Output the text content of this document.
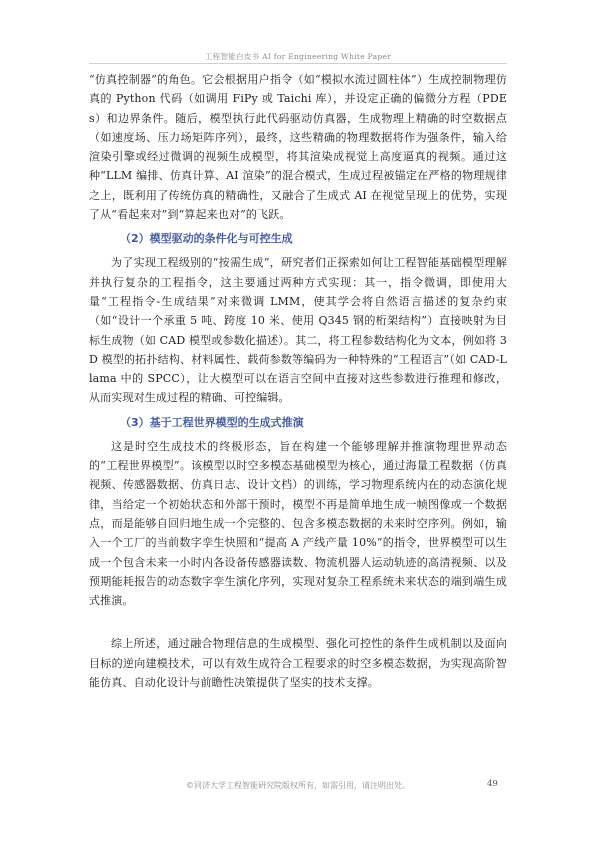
工程智能白皮书 AI for Engineering White Paper

“仿真控制器”的角色。它会根据用户指令（如“模拟水流过圆柱体”）生成控制物理仿真的 Python 代码（如调用 FiPy 或 Taichi 库），并设定正确的偏微分方程（PDEs）和边界条件。随后，模型执行此代码驱动仿真器，生成物理上精确的时空数据点（如速度场、压力场矩阵序列），最终，这些精确的物理数据将作为强条件，输入给渲染引擎或经过微调的视频生成模型，将其渲染成视觉上高度逼真的视频。通过这种“LLM 编排、仿真计算、AI 渲染”的混合模式，生成过程被锚定在严格的物理规律之上，既利用了传统仿真的精确性，又融合了生成式 AI 在视觉呈现上的优势，实现了从“看起来对”到“算起来也对”的飞跃。

（2）模型驱动的条件化与可控生成

为了实现工程级别的“按需生成”，研究者们正探索如何让工程智能基础模型理解并执行复杂的工程指令，这主要通过两种方式实现：其一，指令微调，即使用大量“工程指令-生成结果”对来微调 LMM，使其学会将自然语言描述的复杂约束（如“设计一个承重 5 吨、跨度 10 米、使用 Q345 钢的桁架结构”）直接映射为目标生成物（如 CAD 模型或参数化描述）。其二，将工程参数结构化为文本，例如将 3D 模型的拓扑结构、材料属性、载荷参数等编码为一种特殊的“工程语言”（如 CAD-Llama 中的 SPCC），让大模型可以在语言空间中直接对这些参数进行推理和修改，从而实现对生成过程的精确、可控编辑。

（3）基于工程世界模型的生成式推演

这是时空生成技术的终极形态，旨在构建一个能够理解并推演物理世界动态的“工程世界模型”。该模型以时空多模态基础模型为核心，通过海量工程数据（仿真视频、传感器数据、仿真日志、设计文档）的训练，学习物理系统内在的动态演化规律，当给定一个初始状态和外部干预时，模型不再是简单地生成一帧图像或一个数据点，而是能够自回归地生成一个完整的、包含多模态数据的未来时空序列。例如，输入一个工厂的当前数字孪生快照和“提高 A 产线产量 10%”的指令，世界模型可以生成一个包含未来一小时内各设备传感器读数、物流机器人运动轨迹的高清视频、以及预期能耗报告的动态数字孪生演化序列，实现对复杂工程系统未来状态的端到端生成式推演。

综上所述，通过融合物理信息的生成模型、强化可控性的条件生成机制以及面向目标的逆向建模技术，可以有效生成符合工程要求的时空多模态数据，为实现高阶智能仿真、自动化设计与前瞻性决策提供了坚实的技术支撑。

©同济大学工程智能研究院版权所有，如需引用，请注明出处。	49
